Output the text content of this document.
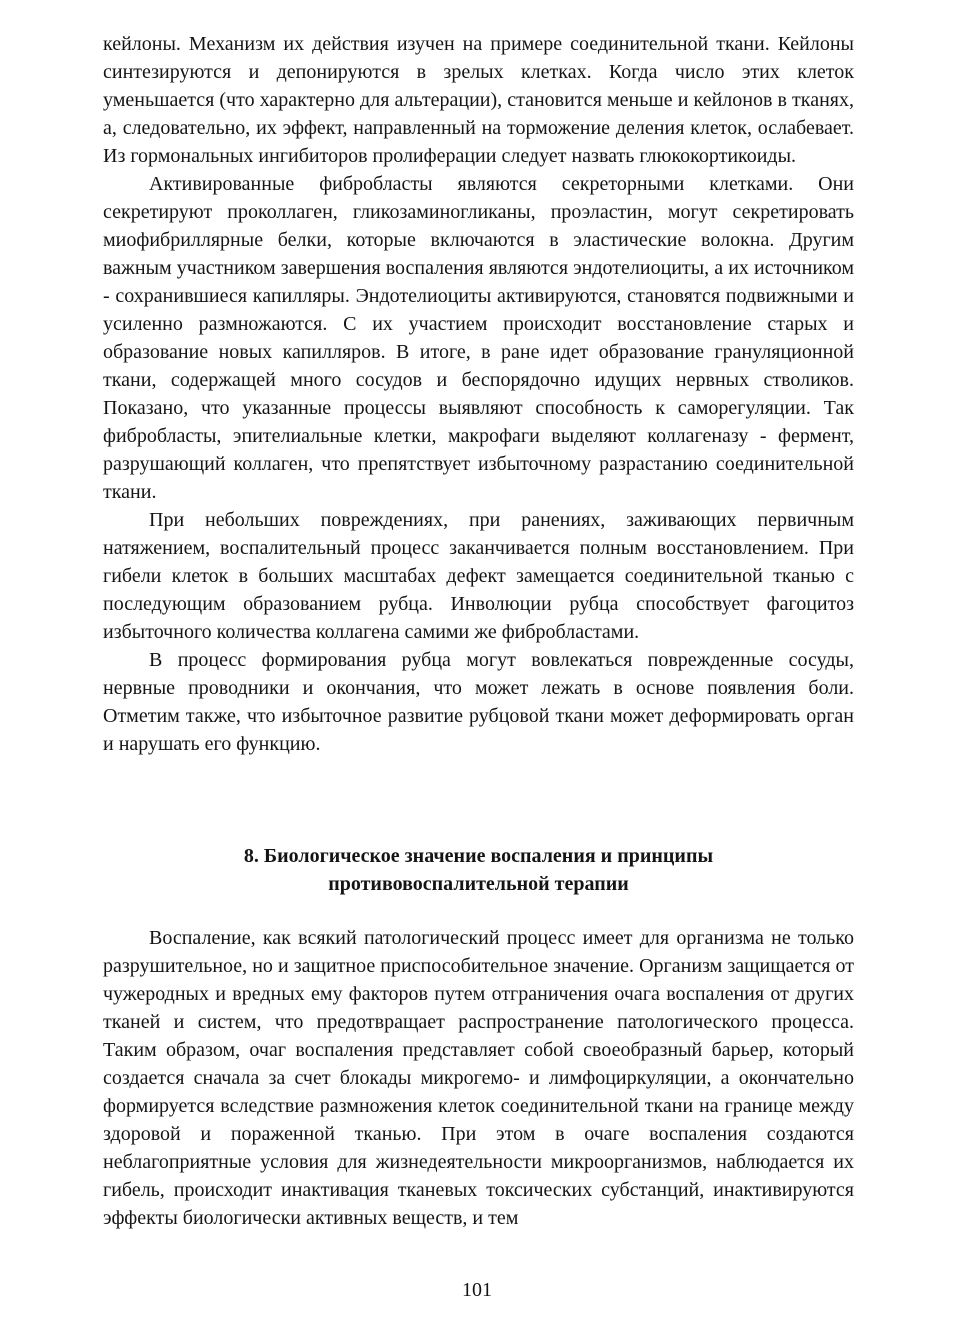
кейлоны. Механизм их действия изучен на примере соединительной ткани. Кейлоны синтезируются и депонируются в зрелых клетках. Когда число этих клеток уменьшается (что характерно для альтерации), становится меньше и кейлонов в тканях, а, следовательно, их эффект, направленный на торможение деления клеток, ослабевает. Из гормональных ингибиторов пролиферации следует назвать глюкокортикоиды.

Активированные фибробласты являются секреторными клетками. Они секретируют проколлаген, гликозаминогликаны, проэластин, могут секретировать миофибриллярные белки, которые включаются в эластические волокна. Другим важным участником завершения воспаления являются эндотелиоциты, а их источником - сохранившиеся капилляры. Эндотелиоциты активируются, становятся подвижными и усиленно размножаются. С их участием происходит восстановление старых и образование новых капилляров. В итоге, в ране идет образование грануляционной ткани, содержащей много сосудов и беспорядочно идущих нервных стволиков. Показано, что указанные процессы выявляют способность к саморегуляции. Так фибробласты, эпителиальные клетки, макрофаги выделяют коллагеназу - фермент, разрушающий коллаген, что препятствует избыточному разрастанию соединительной ткани.

При небольших повреждениях, при ранениях, заживающих первичным натяжением, воспалительный процесс заканчивается полным восстановлением. При гибели клеток в больших масштабах дефект замещается соединительной тканью с последующим образованием рубца. Инволюции рубца способствует фагоцитоз избыточного количества коллагена самими же фибробластами.

В процесс формирования рубца могут вовлекаться поврежденные сосуды, нервные проводники и окончания, что может лежать в основе появления боли. Отметим также, что избыточное развитие рубцовой ткани может деформировать орган и нарушать его функцию.

8. Биологическое значение воспаления и принципы
противовоспалительной терапии

Воспаление, как всякий патологический процесс имеет для организма не только разрушительное, но и защитное приспособительное значение. Организм защищается от чужеродных и вредных ему факторов путем отграничения очага воспаления от других тканей и систем, что предотвращает распространение патологического процесса. Таким образом, очаг воспаления представляет собой своеобразный барьер, который создается сначала за счет блокады микрогемо- и лимфоциркуляции, а окончательно формируется вследствие размножения клеток соединительной ткани на границе между здоровой и пораженной тканью. При этом в очаге воспаления создаются неблагоприятные условия для жизнедеятельности микроорганизмов, наблюдается их гибель, происходит инактивация тканевых токсических субстанций, инактивируются эффекты биологически активных веществ, и тем

101
